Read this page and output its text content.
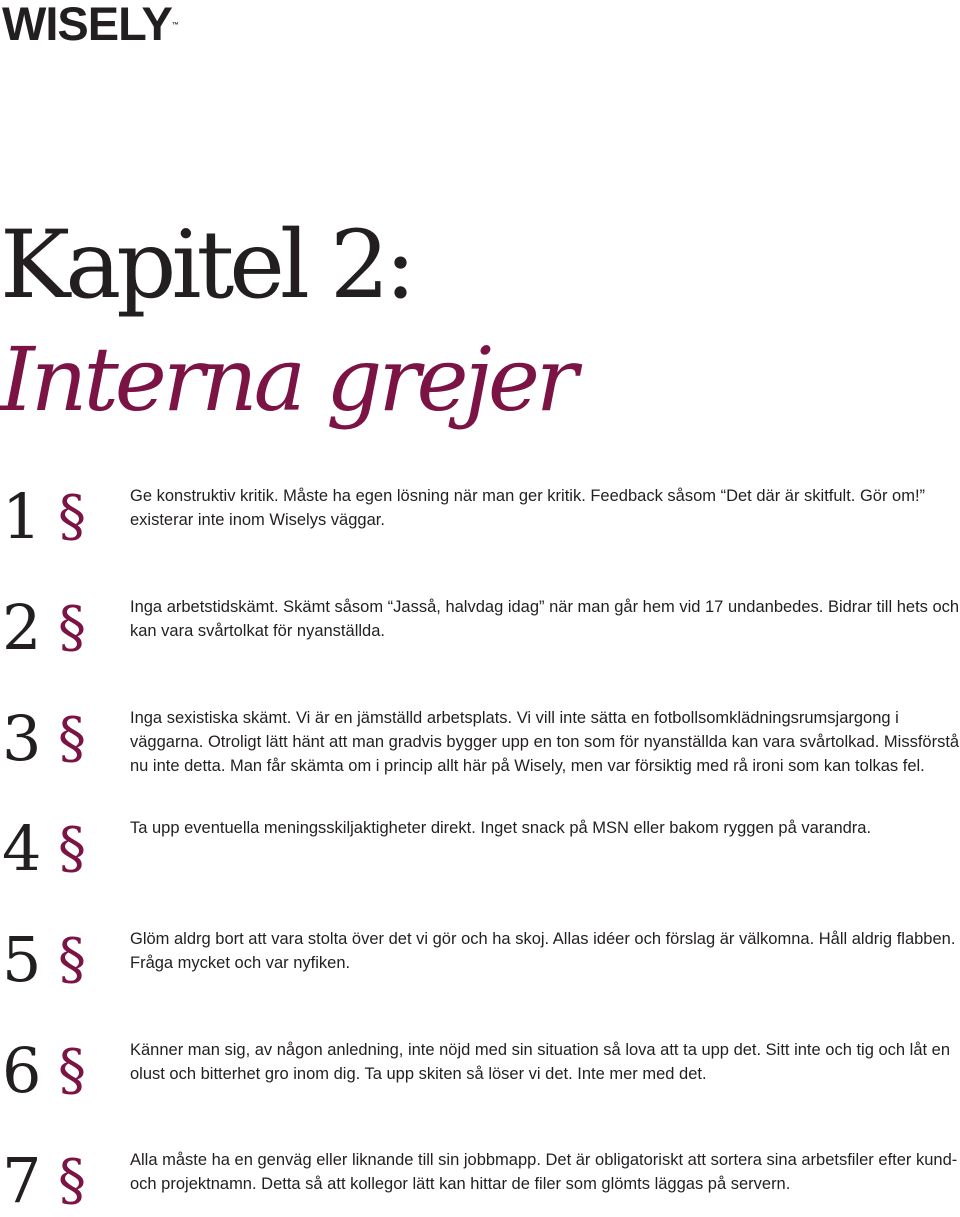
WISELY™
Kapitel 2:
Interna grejer
1 §	Ge konstruktiv kritik. Måste ha egen lösning när man ger kritik. Feedback såsom “Det där är skitfult. Gör om!” existerar inte inom Wiselys väggar.
2 §	Inga arbetstidskämt. Skämt såsom “Jasså, halvdag idag” när man går hem vid 17 undanbedes. Bidrar till hets och kan vara svårtolkat för nyanställda.
3 §	Inga sexistiska skämt. Vi är en jämställd arbetsplats. Vi vill inte sätta en fotbollsomklädningsrumsjargong i väggarna. Otroligt lätt hänt att man gradvis bygger upp en ton som för nyanställda kan vara svårtolkad. Missförstå nu inte detta. Man får skämta om i princip allt här på Wisely, men var försiktig med rå ironi som kan tolkas fel.
4 §	Ta upp eventuella meningsskiljaktigheter direkt. Inget snack på MSN eller bakom ryggen på varandra.
5 §	Glöm aldrg bort att vara stolta över det vi gör och ha skoj. Allas idéer och förslag är välkomna. Håll aldrig flabben. Fråga mycket och var nyfiken.
6 §	Känner man sig, av någon anledning, inte nöjd med sin situation så lova att ta upp det. Sitt inte och tig och låt en olust och bitterhet gro inom dig. Ta upp skiten så löser vi det. Inte mer med det.
7 §	Alla måste ha en genväg eller liknande till sin jobbmapp. Det är obligatoriskt att sortera sina arbetsfiler efter kund- och projektnamn. Detta så att kollegor lätt kan hittar de filer som glömts läggas på servern.
